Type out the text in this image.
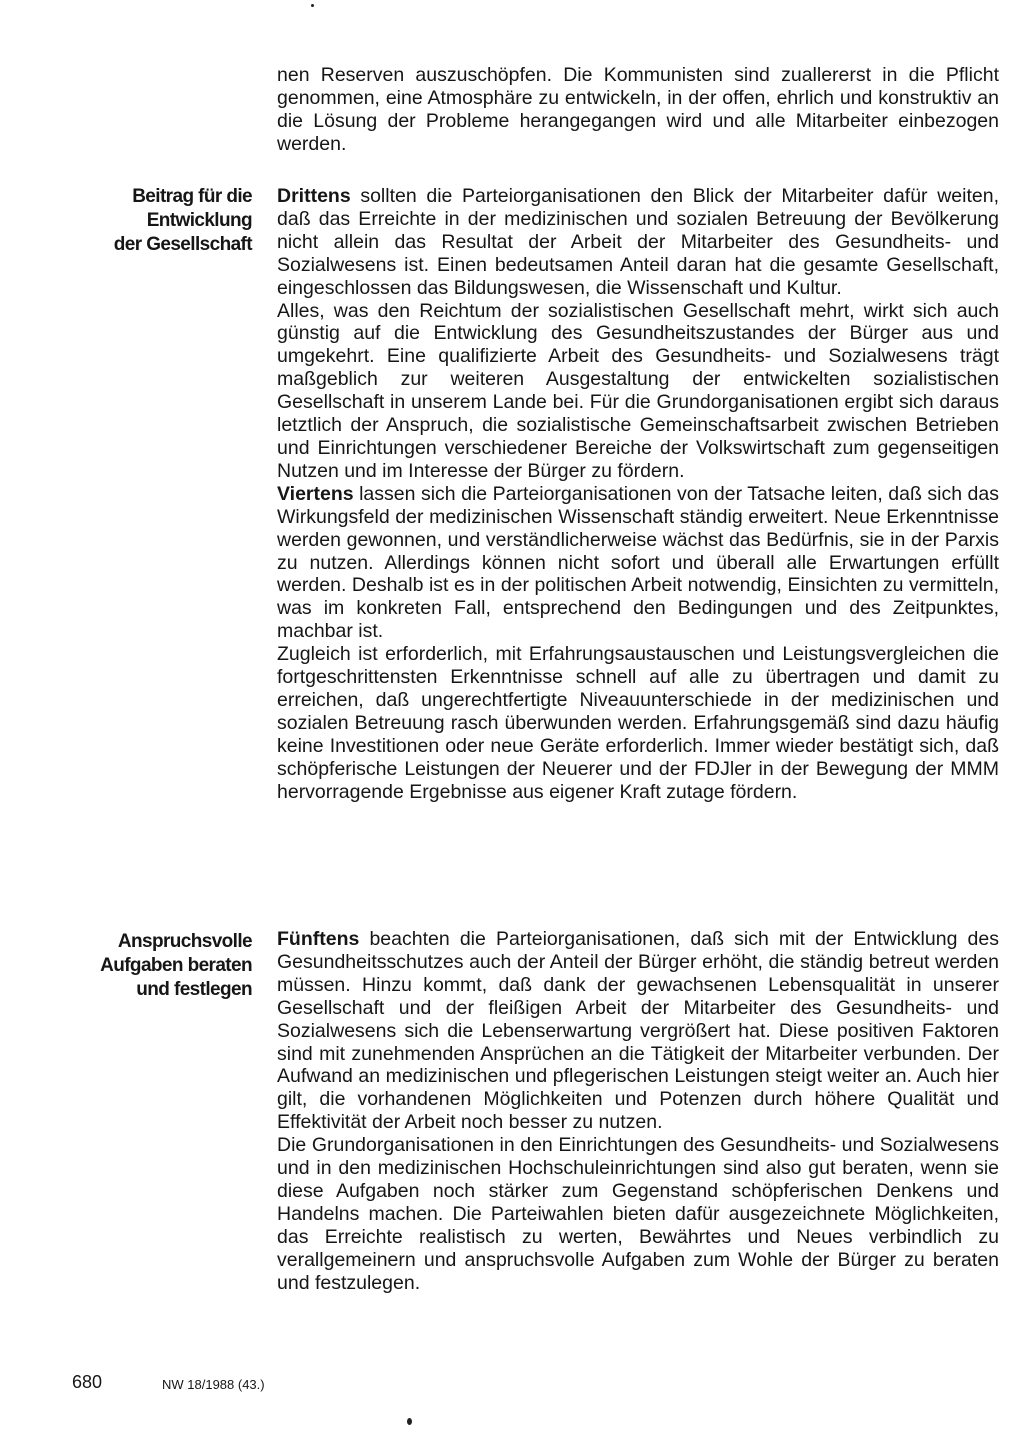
Beitrag für die
Entwicklung
der Gesellschaft
Anspruchsvolle
Aufgaben beraten
und festlegen

nen Reserven auszuschöpfen. Die Kommunisten sind zuallererst in die Pflicht genommen, eine Atmosphäre zu entwickeln, in der offen, ehrlich und konstruktiv an die Lösung der Probleme herangegangen wird und alle Mitarbeiter einbezogen werden.

Drittens sollten die Parteiorganisationen den Blick der Mitarbeiter dafür weiten, daß das Erreichte in der medizinischen und sozialen Betreuung der Bevölkerung nicht allein das Resultat der Arbeit der Mitarbeiter des Gesundheits- und Sozialwesens ist. Einen bedeutsamen Anteil daran hat die gesamte Gesellschaft, eingeschlossen das Bildungswesen, die Wissenschaft und Kultur.

Alles, was den Reichtum der sozialistischen Gesellschaft mehrt, wirkt sich auch günstig auf die Entwicklung des Gesundheitszustandes der Bürger aus und umgekehrt. Eine qualifizierte Arbeit des Gesundheits- und Sozialwesens trägt maßgeblich zur weiteren Ausgestaltung der entwickelten sozialistischen Gesellschaft in unserem Lande bei. Für die Grundorganisationen ergibt sich daraus letztlich der Anspruch, die sozialistische Gemeinschaftsarbeit zwischen Betrieben und Einrichtungen verschiedener Bereiche der Volkswirtschaft zum gegenseitigen Nutzen und im Interesse der Bürger zu fördern.

Viertens lassen sich die Parteiorganisationen von der Tatsache leiten, daß sich das Wirkungsfeld der medizinischen Wissenschaft ständig erweitert. Neue Erkenntnisse werden gewonnen, und verständlicherweise wächst das Bedürfnis, sie in der Parxis zu nutzen. Allerdings können nicht sofort und überall alle Erwartungen erfüllt werden. Deshalb ist es in der politischen Arbeit notwendig, Einsichten zu vermitteln, was im konkreten Fall, entsprechend den Bedingungen und des Zeitpunktes, machbar ist.

Zugleich ist erforderlich, mit Erfahrungsaustauschen und Leistungsvergleichen die fortgeschrittensten Erkenntnisse schnell auf alle zu übertragen und damit zu erreichen, daß ungerechtfertigte Niveauunterschiede in der medizinischen und sozialen Betreuung rasch überwunden werden. Erfahrungsgemäß sind dazu häufig keine Investitionen oder neue Geräte erforderlich. Immer wieder bestätigt sich, daß schöpferische Leistungen der Neuerer und der FDJler in der Bewegung der MMM hervorragende Ergebnisse aus eigener Kraft zutage fördern.

Fünftens beachten die Parteiorganisationen, daß sich mit der Entwicklung des Gesundheitsschutzes auch der Anteil der Bürger erhöht, die ständig betreut werden müssen. Hinzu kommt, daß dank der gewachsenen Lebensqualität in unserer Gesellschaft und der fleißigen Arbeit der Mitarbeiter des Gesundheits- und Sozialwesens sich die Lebenserwartung vergrößert hat. Diese positiven Faktoren sind mit zunehmenden Ansprüchen an die Tätigkeit der Mitarbeiter verbunden. Der Aufwand an medizinischen und pflegerischen Leistungen steigt weiter an. Auch hier gilt, die vorhandenen Möglichkeiten und Potenzen durch höhere Qualität und Effektivität der Arbeit noch besser zu nutzen.

Die Grundorganisationen in den Einrichtungen des Gesundheits- und Sozialwesens und in den medizinischen Hochschuleinrichtungen sind also gut beraten, wenn sie diese Aufgaben noch stärker zum Gegenstand schöpferischen Denkens und Handelns machen. Die Parteiwahlen bieten dafür ausgezeichnete Möglichkeiten, das Erreichte realistisch zu werten, Bewährtes und Neues verbindlich zu verallgemeinern und anspruchsvolle Aufgaben zum Wohle der Bürger zu beraten und festzulegen.

680	NW 18/1988 (43.)
